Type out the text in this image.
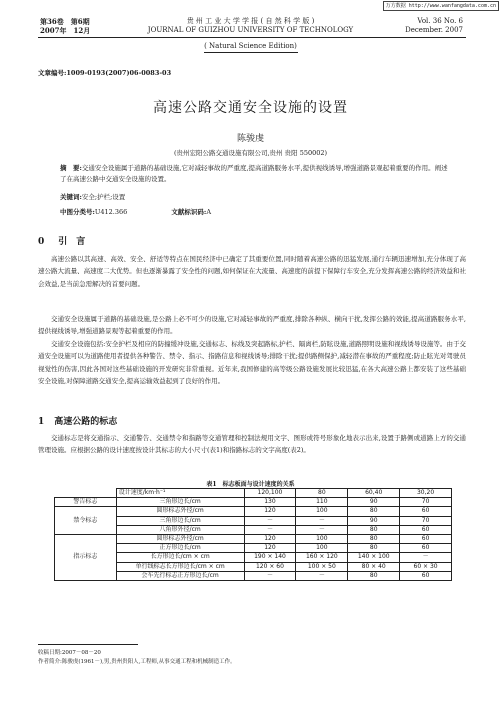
万方数据 http://www.wanfangdata.com.cn
第36卷　第6期
2007年　12月
贵 州 工 业 大 学 学 报 ( 自 然 科 学 版 )
JOURNAL OF GUIZHOU UNIVERSITY OF TECHNOLOGY
Vol. 36 No. 6
December. 2007
( Natural Science Edition)
文章编号:1009-0193(2007)06-0083-03
高速公路交通安全设施的设置
陈骏虔
(贵州宏阳公路交通设施有限公司,贵州 贵阳 550002)
摘　要:交通安全设施属于道路的基础设施,它对减轻事故的严重度,提高道路服务水平,提供视线诱导,增强道路景观起着重要的作用。阐述了在高速公路中交通安全设施的设置。
关键词:安全;护栏;设置
中图分类号:U412.366	文献标识码:A
0 引　言
高速公路以其高速、高效、安全、舒适等特点在国民经济中已确定了其重要位置,同时随着高速公路的迅猛发展,通行车辆迅速增加,充分体现了高速公路大流量、高速度二大优势。但也逐渐暴露了安全性的问题,如何保证在大流量、高速度的前提下保障行车安全,充分发挥高速公路的经济效益和社会效益,是当前急需解决的首要问题。
交通安全设施属于道路的基础设施,是公路上必不可少的设施,它对减轻事故的严重度,排除各种纵、横向干扰,发挥公路的效能,提高道路服务水平,提供视线诱导,增强道路景观等起着重要的作用。
交通安全设施包括:安全护栏及相应的防撞缓冲设施,交通标志、标线及突起路标,护栏、隔离栏,防眩设施,道路照明设施和视线诱导设施等。由于交通安全设施可以为道路使用者提供各种警告、禁令、指示、指路信息和视线诱导;排除干扰;提供路侧保护,减轻潜在事故的严重程度;防止眩光对驾驶员视觉性的伤害,因此各国对这些基础设施的开发研究非常重视。近年来,我国修建的高等级公路设施发展比较迅猛,在各大高速公路上都安装了这些基础安全设施,对保障道路交通安全,提高运输效益起到了良好的作用。
1 高速公路的标志
交通标志是将交通指示、交通警告、交通禁令和指路等交通管理和控制法规用文字、图形或符号形象化地表示出来,设置于路侧或道路上方的交通管理设施。应根据公路的设计速度按设计其标志的大小尺寸(表1)和指路标志的文字高度(表2)。
表1　标志板面与设计速度的关系
	设计速度/km·h⁻¹	120,100	80	60,40	30,20
警告标志	三角形边长/cm	130	110	90	70
禁令标志	圆形标志外径/cm	120	100	80	60
	三角形边长/cm	－	－	90	70
	八角形外径/cm	－	－	80	60
指示标志	圆形标志外径/cm	120	100	80	60
	正方形边长/cm	120	100	80	60
	长方形边长/cm × cm	190 × 140	160 × 120	140 × 100	－
	单行线标志长方形边长/cm × cm	120 × 60	100 × 50	80 × 40	60 × 30
	会车先行标志正方形边长/cm	－	－	80	60
收稿日期:2007－08－20
作者简介:陈骏虔(1961－),男,贵州贵阳人,工程师,从事交通工程和机械制造工作。
